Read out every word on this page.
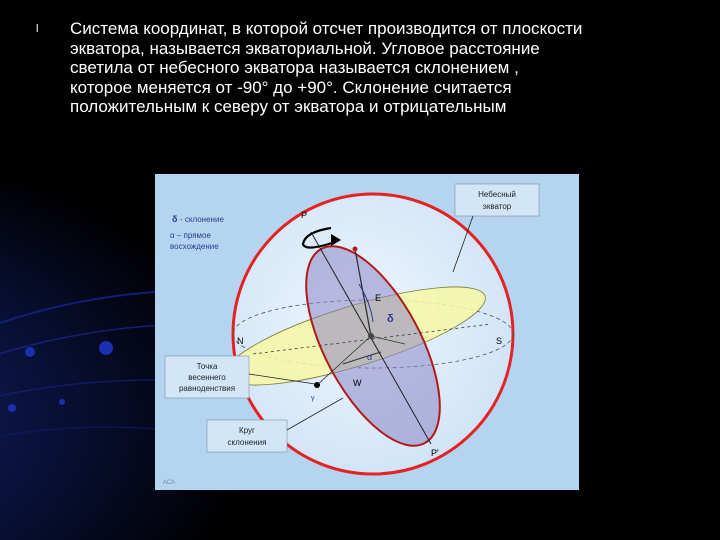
l Система координат, в которой отсчет производится от плоскости
экватора, называется экваториальной. Угловое расстояние
светила от небесного экватора называется склонением ,
которое меняется от -90° до +90°. Склонение считается
положительным к северу от экватора и отрицательным
P
P'
N	S
E
W
δ
α
γ
δ - склонение
α – прямое
восхождение
Небесный
экватор
Точка
весеннего
равноденствия
Круг
склонения
АСА
